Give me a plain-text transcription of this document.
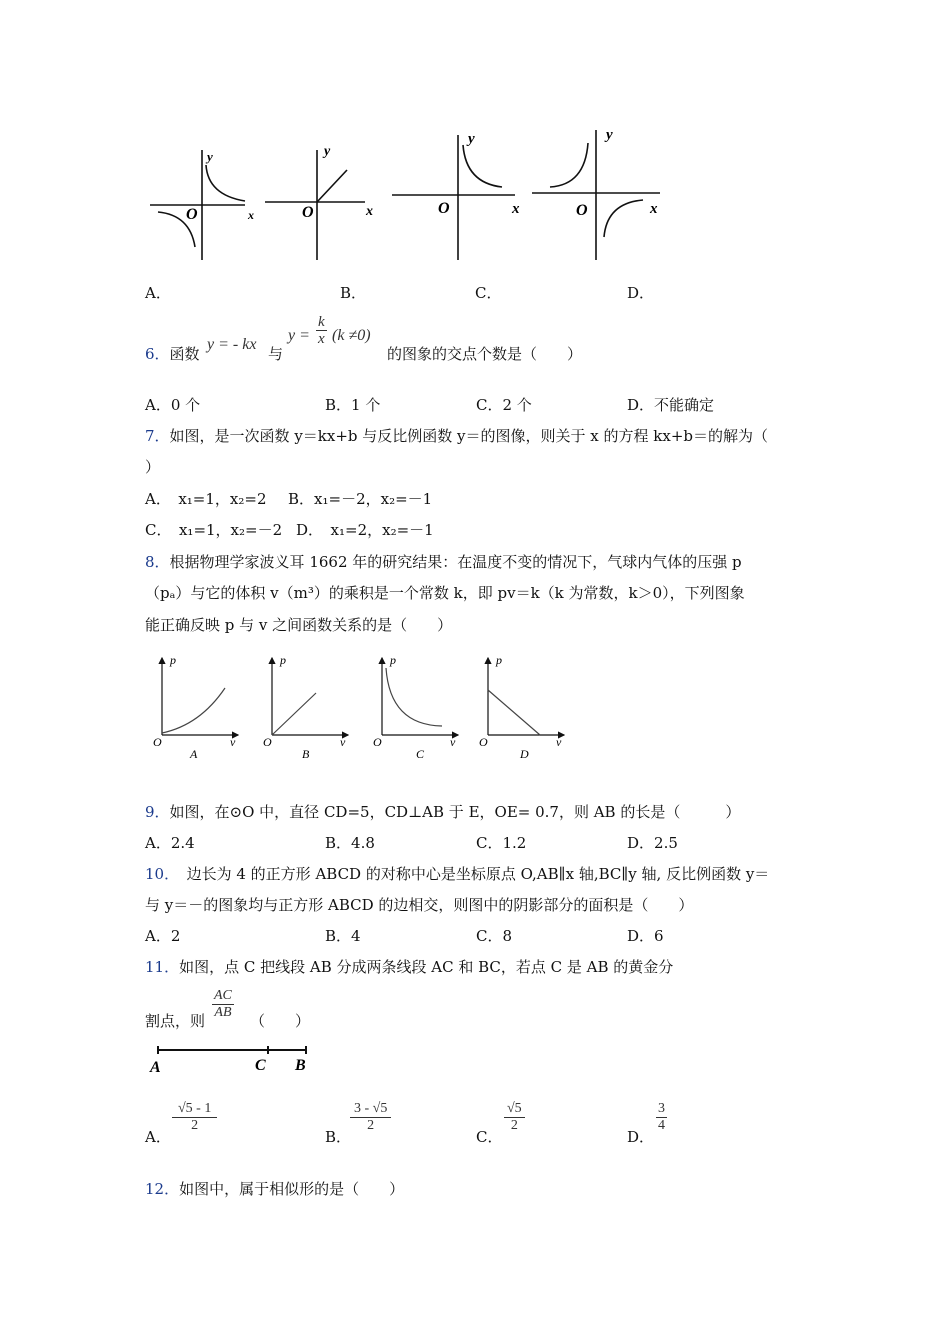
y
O	x
y
O	x
y
O	x
y
O	x
A．	B．	C．	D．
6．函数
y = - kx
与
$y = \frac{k}{x} (k \ne 0)$
的图象的交点个数是（　　）
A．0 个	B．1 个	C．2 个	D．不能确定
7．如图，是一次函数 y＝kx+b 与反比例函数 y＝的图像，则关于 x 的方程 kx+b＝的解为（
）
A．　x₁=1，x₂=2 B．x₁=－2，x₂=－1
C．　x₁=1，x₂=－2 D．　x₁=2，x₂=－1
8．根据物理学家波义耳 1662 年的研究结果：在温度不变的情况下，气球内气体的压强 p
（pₐ）与它的体积 v（m³）的乘积是一个常数 k，即 pv＝k（k 为常数，k＞0），下列图象
能正确反映 p 与 v 之间函数关系的是（　　）
p
O	v
A
p
O	v
B
p
O	v
C
p
O	v
D
9．如图，在⊙O 中，直径 CD=5，CD⊥AB 于 E，OE= 0.7，则 AB 的长是（　　　）
A．2.4	B．4.8	C．1.2	D．2.5
10．　边长为 4 的正方形 ABCD 的对称中心是坐标原点 O,AB∥x 轴,BC∥y 轴, 反比例函数 y＝
与 y＝－的图象均与正方形 ABCD 的边相交，则图中的阴影部分的面积是（　　）
A．2	B．4	C．8	D．6
11．如图，点 C 把线段 AB 分成两条线段 AC 和 BC，若点 C 是 AB 的黄金分
割点，则 $\frac{AC}{AB}$ （　　）
A	C B
A．
$\frac{√5 - 1}{2}$
B．
$\frac{3 - √5}{2}$
C．
$\frac{√5}{2}$
D．
$\frac{3}{4}$
12．如图中，属于相似形的是（　　）
